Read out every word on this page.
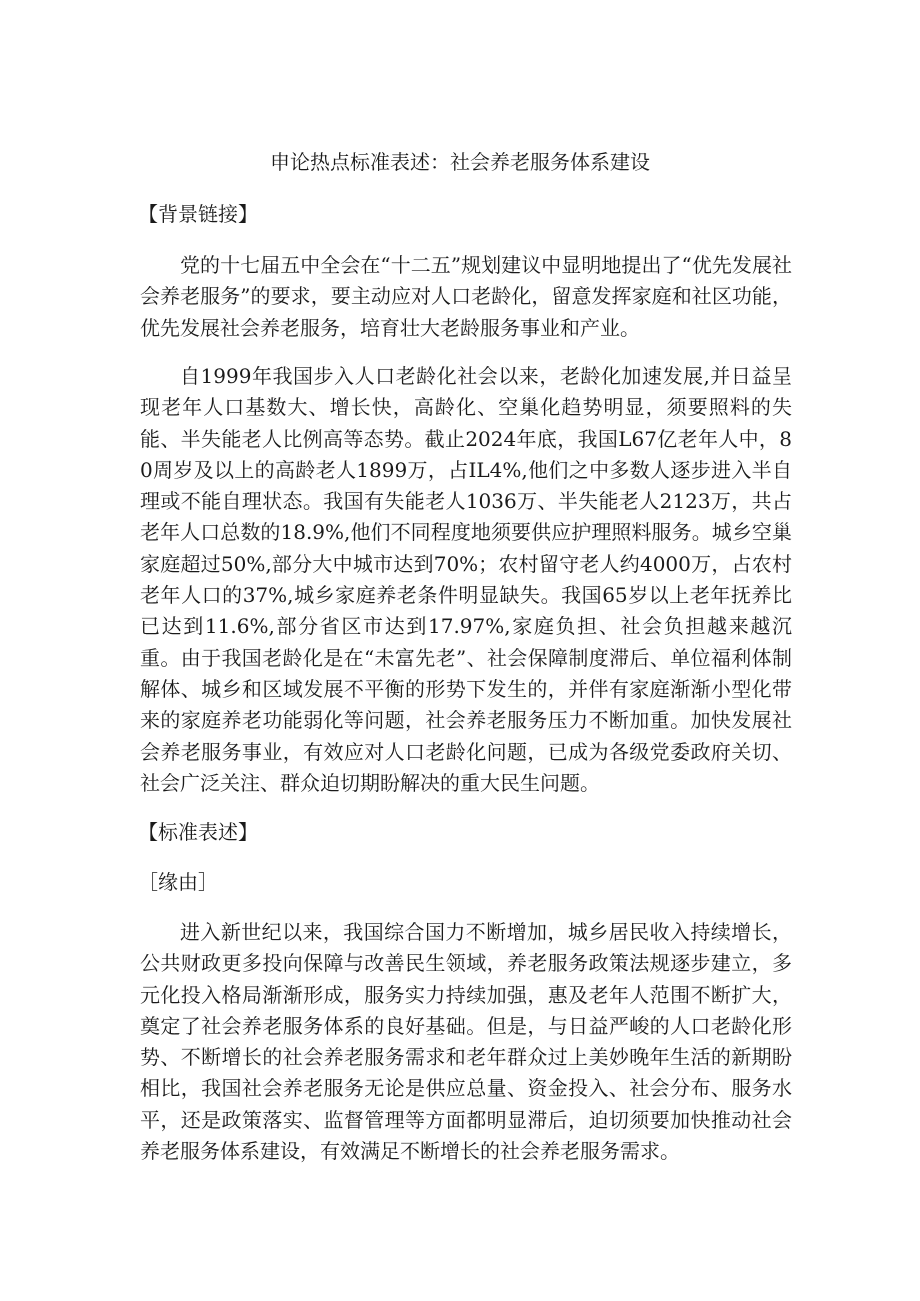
申论热点标准表述：社会养老服务体系建设
【背景链接】
党的十七届五中全会在“十二五”规划建议中显明地提出了“优先发展社会养老服务”的要求，要主动应对人口老龄化，留意发挥家庭和社区功能，优先发展社会养老服务，培育壮大老龄服务事业和产业。
自1999年我国步入人口老龄化社会以来，老龄化加速发展,并日益呈现老年人口基数大、增长快，高龄化、空巢化趋势明显，须要照料的失能、半失能老人比例高等态势。截止2024年底，我国L67亿老年人中，80周岁及以上的高龄老人1899万，占IL4%,他们之中多数人逐步进入半自理或不能自理状态。我国有失能老人1036万、半失能老人2123万，共占老年人口总数的18.9%,他们不同程度地须要供应护理照料服务。城乡空巢家庭超过50%,部分大中城市达到70%；农村留守老人约4000万，占农村老年人口的37%,城乡家庭养老条件明显缺失。我国65岁以上老年抚养比已达到11.6%,部分省区市达到17.97%,家庭负担、社会负担越来越沉重。由于我国老龄化是在“未富先老”、社会保障制度滞后、单位福利体制解体、城乡和区域发展不平衡的形势下发生的，并伴有家庭渐渐小型化带来的家庭养老功能弱化等问题，社会养老服务压力不断加重。加快发展社会养老服务事业，有效应对人口老龄化问题，已成为各级党委政府关切、社会广泛关注、群众迫切期盼解决的重大民生问题。
【标准表述】
［缘由］
进入新世纪以来，我国综合国力不断增加，城乡居民收入持续增长，公共财政更多投向保障与改善民生领域，养老服务政策法规逐步建立，多元化投入格局渐渐形成，服务实力持续加强，惠及老年人范围不断扩大，奠定了社会养老服务体系的良好基础。但是，与日益严峻的人口老龄化形势、不断增长的社会养老服务需求和老年群众过上美妙晚年生活的新期盼相比，我国社会养老服务无论是供应总量、资金投入、社会分布、服务水平，还是政策落实、监督管理等方面都明显滞后，迫切须要加快推动社会养老服务体系建设，有效满足不断增长的社会养老服务需求。
